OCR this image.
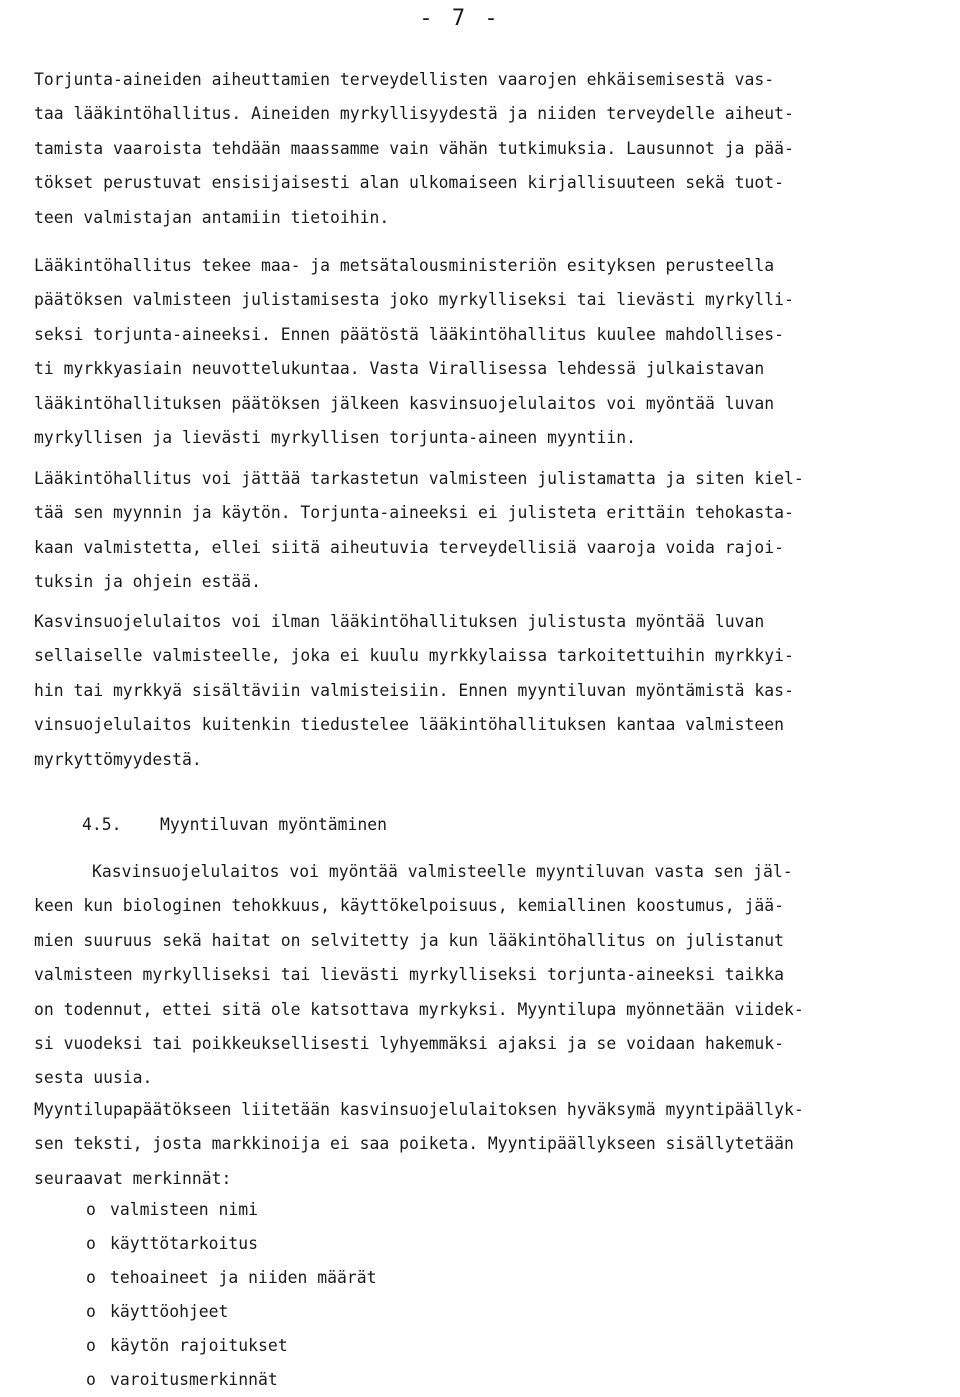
- 7 -

Torjunta-aineiden aiheuttamien terveydellisten vaarojen ehkäisemisestä vas-
taa lääkintöhallitus. Aineiden myrkyllisyydestä ja niiden terveydelle aiheut-
tamista vaaroista tehdään maassamme vain vähän tutkimuksia. Lausunnot ja pää-
tökset perustuvat ensisijaisesti alan ulkomaiseen kirjallisuuteen sekä tuot-
teen valmistajan antamiin tietoihin.

Lääkintöhallitus tekee maa- ja metsätalousministeriön esityksen perusteella
päätöksen valmisteen julistamisesta joko myrkylliseksi tai lievästi myrkylli-
seksi torjunta-aineeksi. Ennen päätöstä lääkintöhallitus kuulee mahdollises-
ti myrkkyasiain neuvottelukuntaa. Vasta Virallisessa lehdessä julkaistavan
lääkintöhallituksen päätöksen jälkeen kasvinsuojelulaitos voi myöntää luvan
myrkyllisen ja lievästi myrkyllisen torjunta-aineen myyntiin.

Lääkintöhallitus voi jättää tarkastetun valmisteen julistamatta ja siten kiel-
tää sen myynnin ja käytön. Torjunta-aineeksi ei julisteta erittäin tehokasta-
kaan valmistetta, ellei siitä aiheutuvia terveydellisiä vaaroja voida rajoi-
tuksin ja ohjein estää.

Kasvinsuojelulaitos voi ilman lääkintöhallituksen julistusta myöntää luvan
sellaiselle valmisteelle, joka ei kuulu myrkkylaissa tarkoitettuihin myrkkyi-
hin tai myrkkyä sisältäviin valmisteisiin. Ennen myyntiluvan myöntämistä kas-
vinsuojelulaitos kuitenkin tiedustelee lääkintöhallituksen kantaa valmisteen
myrkyttömyydestä.

4.5. Myyntiluvan myöntäminen

Kasvinsuojelulaitos voi myöntää valmisteelle myyntiluvan vasta sen jäl-
keen kun biologinen tehokkuus, käyttökelpoisuus, kemiallinen koostumus, jää-
mien suuruus sekä haitat on selvitetty ja kun lääkintöhallitus on julistanut
valmisteen myrkylliseksi tai lievästi myrkylliseksi torjunta-aineeksi taikka
on todennut, ettei sitä ole katsottava myrkyksi. Myyntilupa myönnetään viidek-
si vuodeksi tai poikkeuksellisesti lyhyemmäksi ajaksi ja se voidaan hakemuk-
sesta uusia.

Myyntilupapäätökseen liitetään kasvinsuojelulaitoksen hyväksymä myyntipäällyk-
sen teksti, josta markkinoija ei saa poiketa. Myyntipäällykseen sisällytetään
seuraavat merkinnät:

o valmisteen nimi
o käyttötarkoitus
o tehoaineet ja niiden määrät
o käyttöohjeet
o käytön rajoitukset
o varoitusmerkinnät
